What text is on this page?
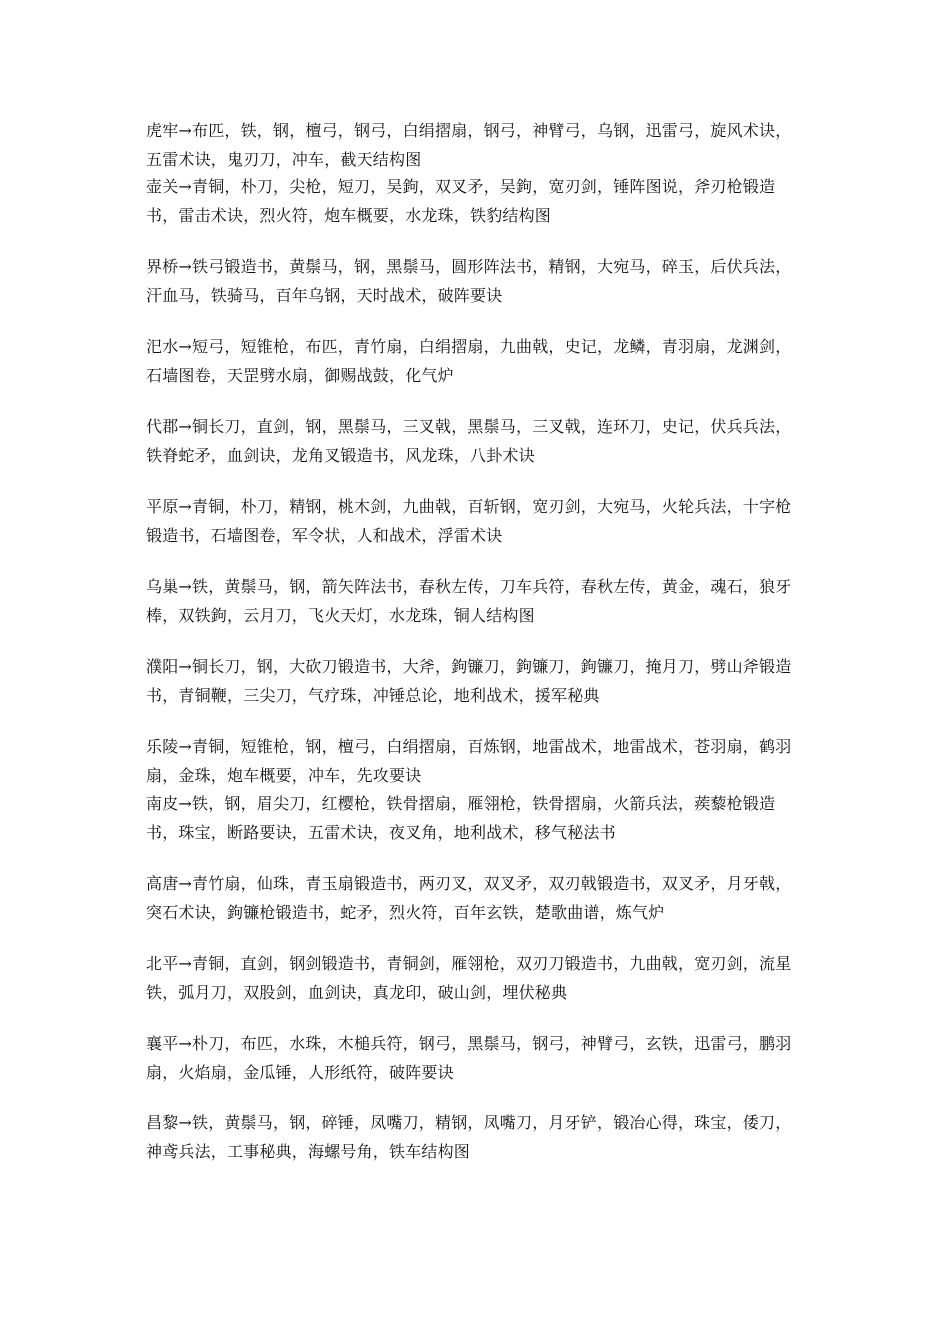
虎牢→布匹，铁，钢，檀弓，钢弓，白绢摺扇，钢弓，神臂弓，乌钢，迅雷弓，旋风术诀，五雷术诀，鬼刃刀，冲车，截天结构图

壶关→青铜，朴刀，尖枪，短刀，吴鉤，双叉矛，吴鉤，宽刃剑，锤阵图说，斧刃枪锻造书，雷击术诀，烈火符，炮车概要，水龙珠，铁豹结构图

界桥→铁弓锻造书，黄鬃马，钢，黑鬃马，圆形阵法书，精钢，大宛马，碎玉，后伏兵法，汗血马，铁骑马，百年乌钢，天时战术，破阵要诀

汜水→短弓，短锥枪，布匹，青竹扇，白绢摺扇，九曲戟，史记，龙鳞，青羽扇，龙渊剑，石墙图卷，天罡劈水扇，御赐战鼓，化气炉

代郡→铜长刀，直剑，钢，黑鬃马，三叉戟，黑鬃马，三叉戟，连环刀，史记，伏兵兵法，铁脊蛇矛，血剑诀，龙角叉锻造书，风龙珠，八卦术诀

平原→青铜，朴刀，精钢，桃木剑，九曲戟，百斩钢，宽刃剑，大宛马，火轮兵法，十字枪锻造书，石墙图卷，军令状，人和战术，浮雷术诀

乌巢→铁，黄鬃马，钢，箭矢阵法书，春秋左传，刀车兵符，春秋左传，黄金，魂石，狼牙棒，双铁鉤，云月刀，飞火天灯，水龙珠，铜人结构图

濮阳→铜长刀，钢，大砍刀锻造书，大斧，鉤镰刀，鉤镰刀，鉤镰刀，掩月刀，劈山斧锻造书，青铜鞭，三尖刀，气疗珠，冲锤总论，地利战术，援军秘典

乐陵→青铜，短锥枪，钢，檀弓，白绢摺扇，百炼钢，地雷战术，地雷战术，苍羽扇，鹤羽扇，金珠，炮车概要，冲车，先攻要诀

南皮→铁，钢，眉尖刀，红樱枪，铁骨摺扇，雁翎枪，铁骨摺扇，火箭兵法，蒺藜枪锻造书，珠宝，断路要诀，五雷术诀，夜叉角，地利战术，移气秘法书

高唐→青竹扇，仙珠，青玉扇锻造书，两刃叉，双叉矛，双刃戟锻造书，双叉矛，月牙戟，突石术诀，鉤镰枪锻造书，蛇矛，烈火符，百年玄铁，楚歌曲谱，炼气炉

北平→青铜，直剑，钢剑锻造书，青铜剑，雁翎枪，双刃刀锻造书，九曲戟，宽刃剑，流星铁，弧月刀，双股剑，血剑诀，真龙印，破山剑，埋伏秘典

襄平→朴刀，布匹，水珠，木槌兵符，钢弓，黑鬃马，钢弓，神臂弓，玄铁，迅雷弓，鹏羽扇，火焰扇，金瓜锤，人形纸符，破阵要诀

昌黎→铁，黄鬃马，钢，碎锤，凤嘴刀，精钢，凤嘴刀，月牙铲，锻冶心得，珠宝，倭刀，神鸢兵法，工事秘典，海螺号角，铁车结构图
